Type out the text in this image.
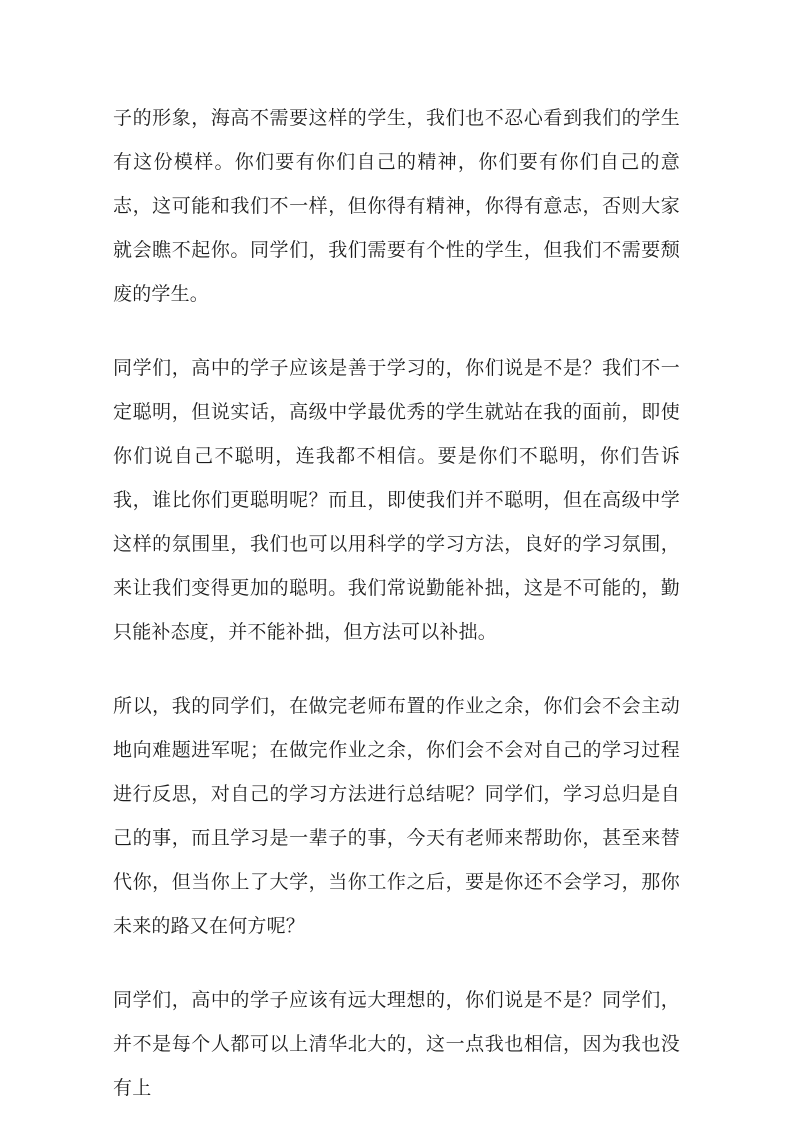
子的形象，海高不需要这样的学生，我们也不忍心看到我们的学生有这份模样。你们要有你们自己的精神，你们要有你们自己的意志，这可能和我们不一样，但你得有精神，你得有意志，否则大家就会瞧不起你。同学们，我们需要有个性的学生，但我们不需要颓废的学生。

同学们，高中的学子应该是善于学习的，你们说是不是？我们不一定聪明，但说实话，高级中学最优秀的学生就站在我的面前，即使你们说自己不聪明，连我都不相信。要是你们不聪明，你们告诉我，谁比你们更聪明呢？而且，即使我们并不聪明，但在高级中学这样的氛围里，我们也可以用科学的学习方法，良好的学习氛围，来让我们变得更加的聪明。我们常说勤能补拙，这是不可能的，勤只能补态度，并不能补拙，但方法可以补拙。

所以，我的同学们，在做完老师布置的作业之余，你们会不会主动地向难题进军呢；在做完作业之余，你们会不会对自己的学习过程进行反思，对自己的学习方法进行总结呢？同学们，学习总归是自己的事，而且学习是一辈子的事，今天有老师来帮助你，甚至来替代你，但当你上了大学，当你工作之后，要是你还不会学习，那你未来的路又在何方呢？

同学们，高中的学子应该有远大理想的，你们说是不是？同学们，并不是每个人都可以上清华北大的，这一点我也相信，因为我也没有上
